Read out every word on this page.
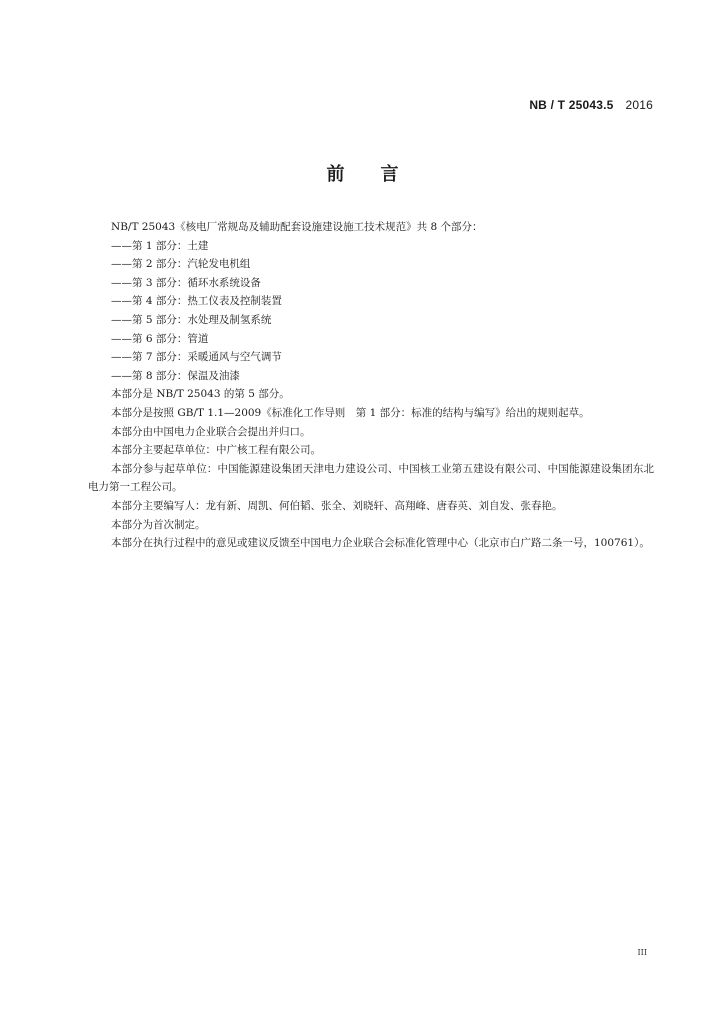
NB / T 25043.5 2016
前言

NB/T 25043《核电厂常规岛及辅助配套设施建设施工技术规范》共 8 个部分：

——第 1 部分：土建

——第 2 部分：汽轮发电机组

——第 3 部分：循环水系统设备

——第 4 部分：热工仪表及控制装置

——第 5 部分：水处理及制氢系统

——第 6 部分：管道

——第 7 部分：采暖通风与空气调节

——第 8 部分：保温及油漆

本部分是 NB/T 25043 的第 5 部分。

本部分是按照 GB/T 1.1—2009《标准化工作导则　第 1 部分：标准的结构与编写》给出的规则起草。

本部分由中国电力企业联合会提出并归口。

本部分主要起草单位：中广核工程有限公司。

本部分参与起草单位：中国能源建设集团天津电力建设公司、中国核工业第五建设有限公司、中国能源建设集团东北电力第一工程公司。

本部分主要编写人：龙有新、周凯、何伯韬、张全、刘晓轩、高翔峰、唐春英、刘自发、张春艳。

本部分为首次制定。

本部分在执行过程中的意见或建议反馈至中国电力企业联合会标准化管理中心（北京市白广路二条一号，100761）。

III
